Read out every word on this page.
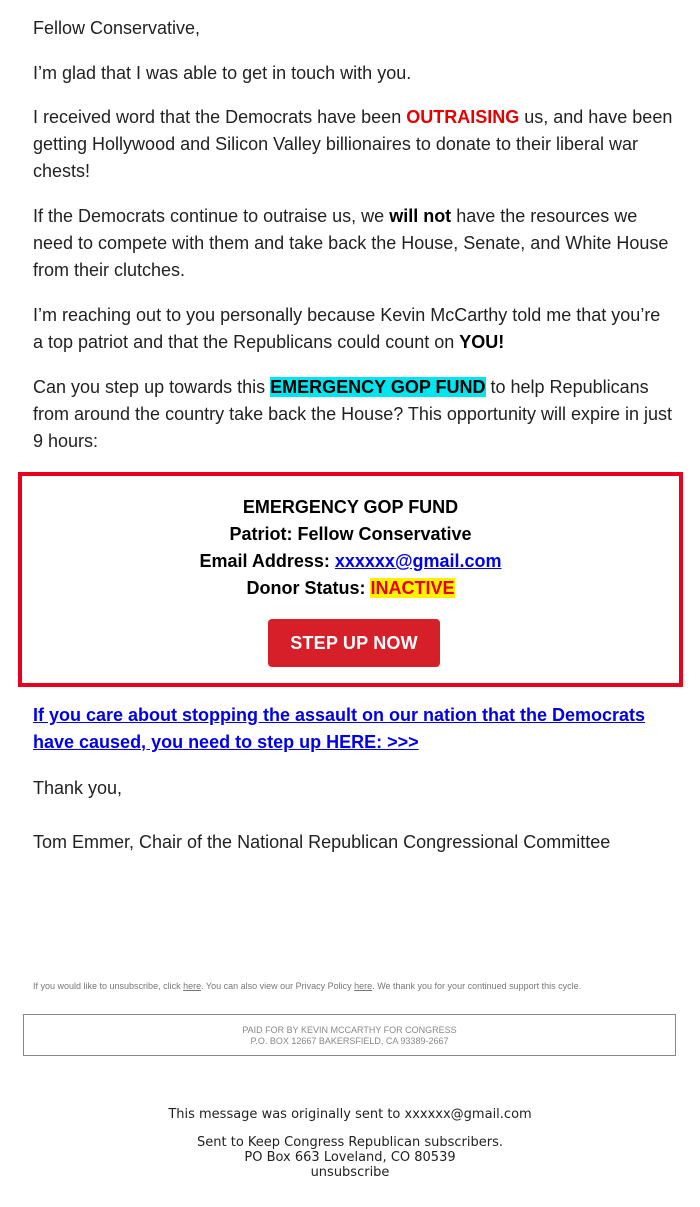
Fellow Conservative,

I’m glad that I was able to get in touch with you.

I received word that the Democrats have been OUTRAISING us, and have been getting Hollywood and Silicon Valley billionaires to donate to their liberal war chests!

If the Democrats continue to outraise us, we will not have the resources we need to compete with them and take back the House, Senate, and White House from their clutches.

I’m reaching out to you personally because Kevin McCarthy told me that you’re a top patriot and that the Republicans could count on YOU!

Can you step up towards this EMERGENCY GOP FUND to help Republicans from around the country take back the House? This opportunity will expire in just 9 hours:

EMERGENCY GOP FUND
Patriot: Fellow Conservative
Email Address: xxxxxx@gmail.com
Donor Status: INACTIVE
STEP UP NOW
If you care about stopping the assault on our nation that the Democrats have caused, you need to step up HERE: >>>

Thank you,

Tom Emmer, Chair of the National Republican Congressional Committee

If you would like to unsubscribe, click here. You can also view our Privacy Policy here. We thank you for your continued support this cycle.
PAID FOR BY KEVIN MCCARTHY FOR CONGRESS
P.O. BOX 12667 BAKERSFIELD, CA 93389-2667
This message was originally sent to xxxxxx@gmail.com
Sent to Keep Congress Republican subscribers.
PO Box 663 Loveland, CO 80539
unsubscribe
